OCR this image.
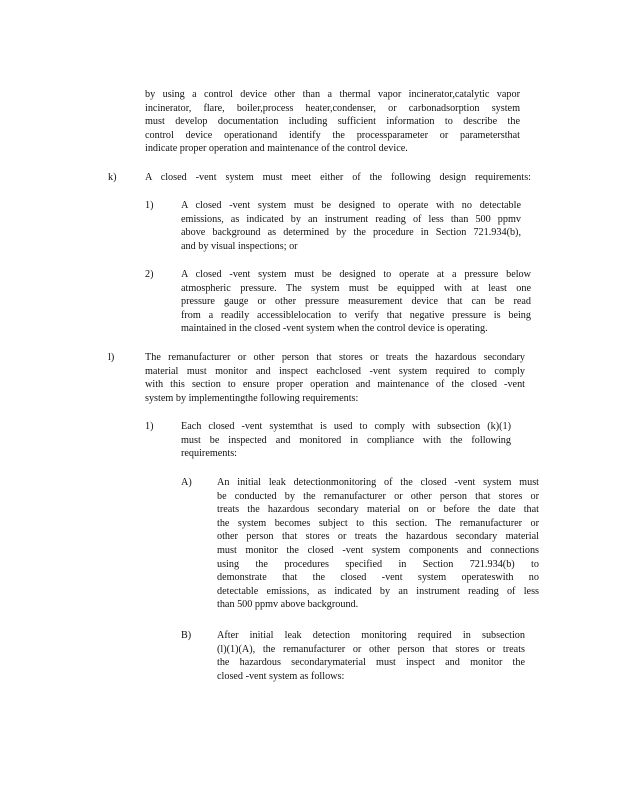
by using a control device other than a thermal vapor incinerator,catalytic vapor
incinerator, flare, boiler,process heater,condenser, or carbonadsorption system
must develop documentation including sufficient information to describe the
control device operationand identify the processparameter or parametersthat
indicate proper operation and maintenance of the control device.
k)	A closed -vent system must meet either of the following design requirements:
1)	A closed -vent system must be designed to operate with no detectable
emissions, as indicated by an instrument reading of less than 500 ppmv
above background as determined by the procedure in Section 721.934(b),
and by visual inspections; or
2)	A closed -vent system must be designed to operate at a pressure below
atmospheric pressure. The system must be equipped with at least one
pressure gauge or other pressure measurement device that can be read
from a readily accessiblelocation to verify that negative pressure is being
maintained in the closed -vent system when the control device is operating.
l)	The remanufacturer or other person that stores or treats the hazardous secondary
material must monitor and inspect eachclosed -vent system required to comply
with this section to ensure proper operation and maintenance of the closed -vent
system by implementingthe following requirements:
1)	Each closed -vent systemthat is used to comply with subsection (k)(1)
must be inspected and monitored in compliance with the following
requirements:
A) An initial leak detectionmonitoring of the closed -vent system must
be conducted by the remanufacturer or other person that stores or
treats the hazardous secondary material on or before the date that
the system becomes subject to this section. The remanufacturer or
other person that stores or treats the hazardous secondary material
must monitor the closed -vent system components and connections
using the procedures specified in Section 721.934(b) to
demonstrate that the closed -vent system operateswith no
detectable emissions, as indicated by an instrument reading of less
than 500 ppmv above background.
B)	After initial leak detection monitoring required in subsection
(l)(1)(A), the remanufacturer or other person that stores or treats
the hazardous secondarymaterial must inspect and monitor the
closed -vent system as follows:
